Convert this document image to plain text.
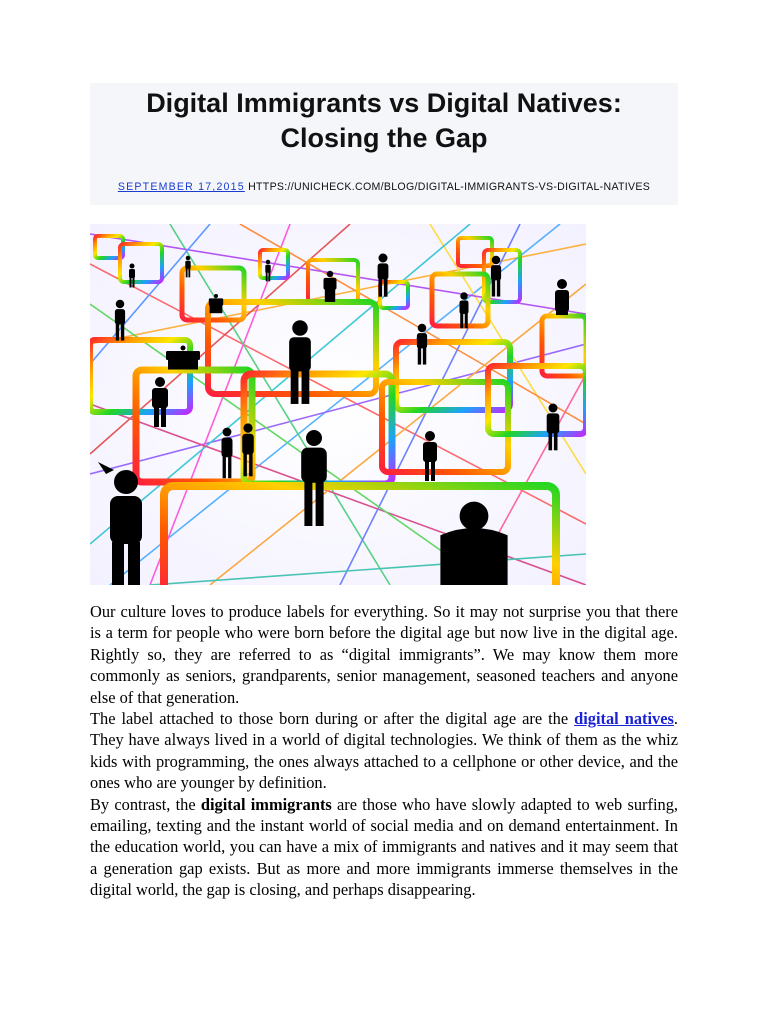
Digital Immigrants vs Digital Natives:
Closing the Gap
SEPTEMBER 17,2015 HTTPS://UNICHECK.COM/BLOG/DIGITAL-IMMIGRANTS-VS-DIGITAL-NATIVES

Our culture loves to produce labels for everything. So it may not surprise you that there is a term for people who were born before the digital age but now live in the digital age. Rightly so, they are referred to as “digital immigrants”. We may know them more commonly as seniors, grandparents, senior management, seasoned teachers and anyone else of that generation.

The label attached to those born during or after the digital age are the digital natives. They have always lived in a world of digital technologies. We think of them as the whiz kids with programming, the ones always attached to a cellphone or other device, and the ones who are younger by definition.

By contrast, the digital immigrants are those who have slowly adapted to web surfing, emailing, texting and the instant world of social media and on demand entertainment. In the education world, you can have a mix of immigrants and natives and it may seem that a generation gap exists. But as more and more immigrants immerse themselves in the digital world, the gap is closing, and perhaps disappearing.
